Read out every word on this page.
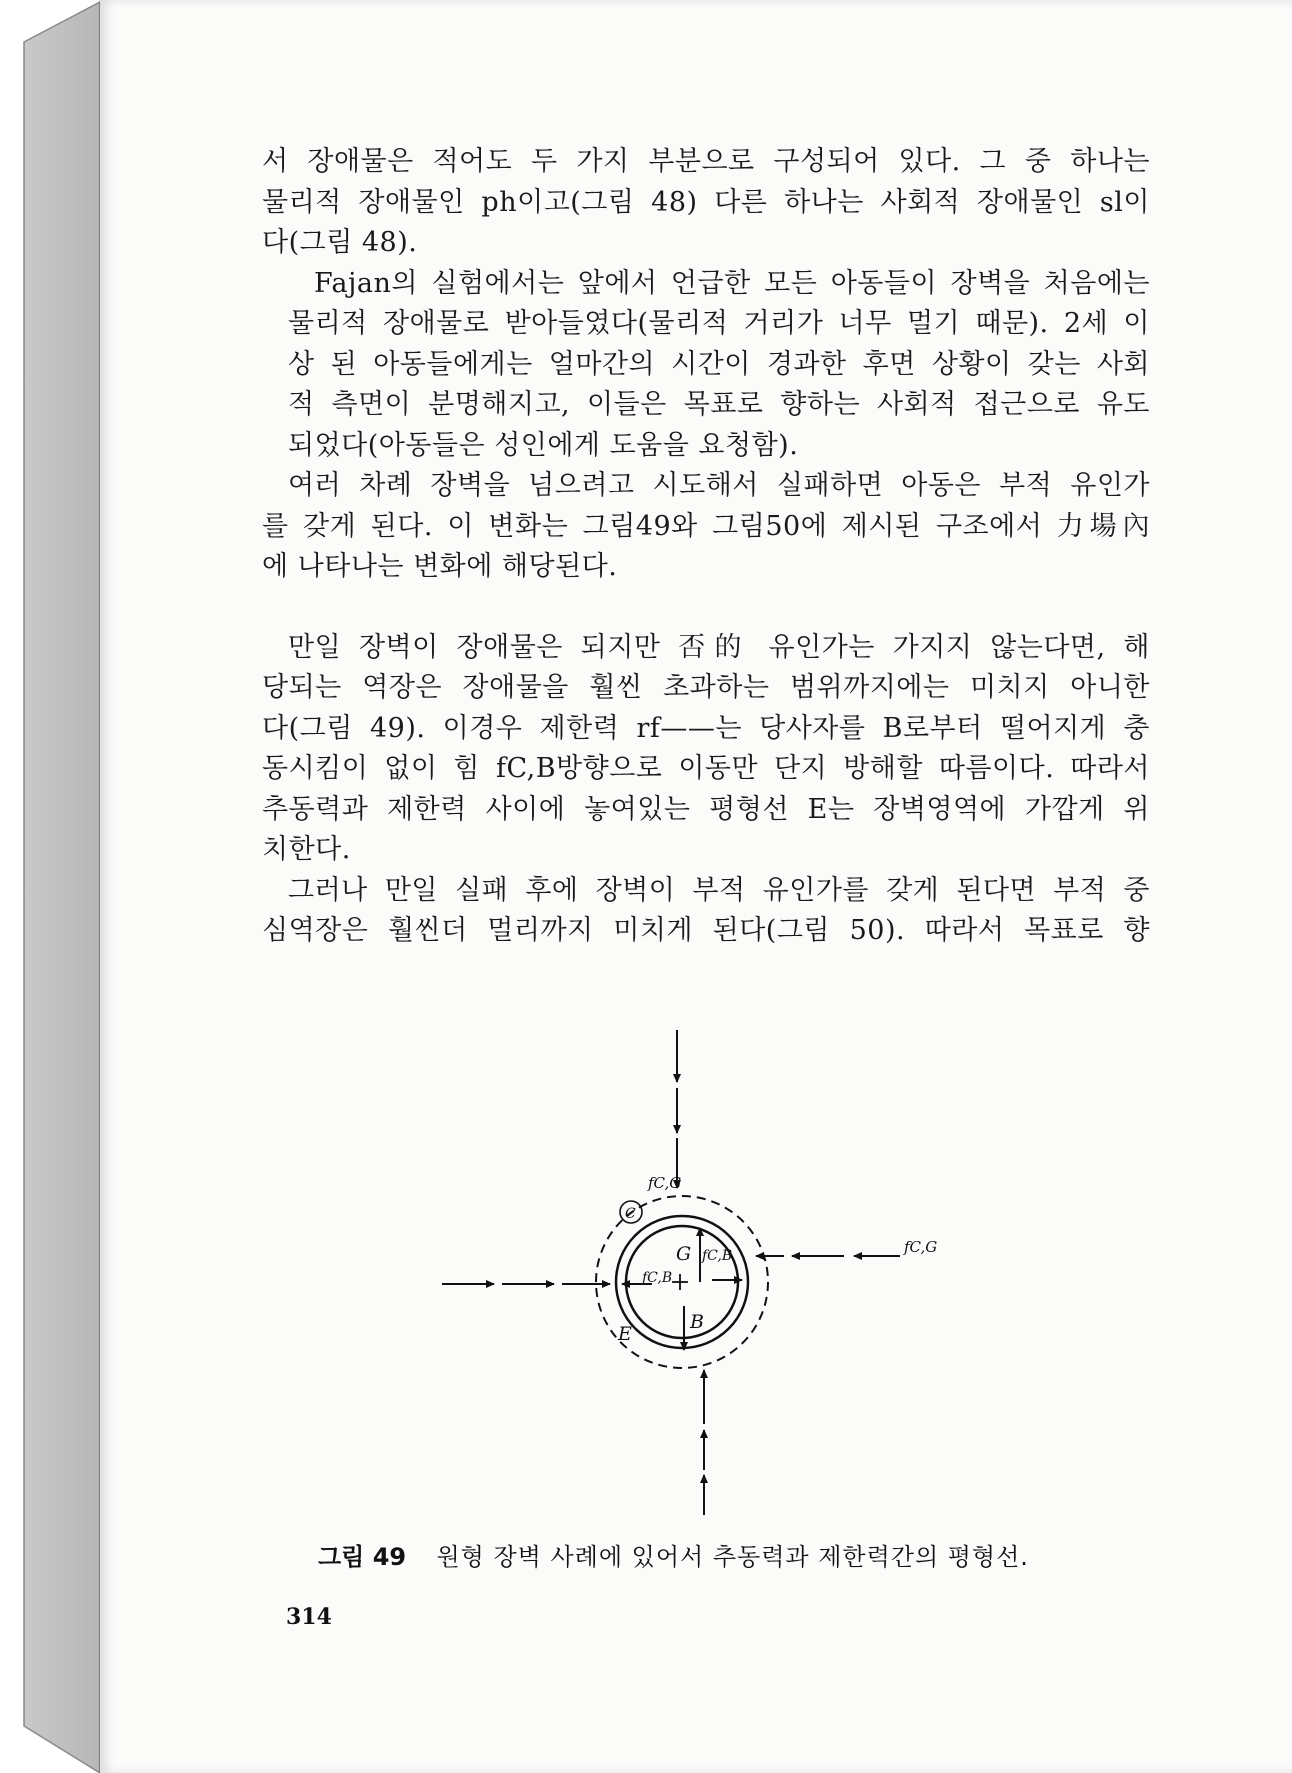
서 장애물은 적어도 두 가지 부분으로 구성되어 있다. 그 중 하나는
물리적 장애물인 ph이고(그림 48) 다른 하나는 사회적 장애물인 sl이
다(그림 48).

Fajan의 실험에서는 앞에서 언급한 모든 아동들이 장벽을 처음에는
물리적 장애물로 받아들였다(물리적 거리가 너무 멀기 때문). 2세 이
상 된 아동들에게는 얼마간의 시간이 경과한 후면 상황이 갖는 사회
적 측면이 분명해지고, 이들은 목표로 향하는 사회적 접근으로 유도
되었다(아동들은 성인에게 도움을 요청함).

여러 차례 장벽을 넘으려고 시도해서 실패하면 아동은 부적 유인가
를 갖게 된다. 이 변화는 그림49와 그림50에 제시된 구조에서 力場內
에 나타나는 변화에 해당된다.

만일 장벽이 장애물은 되지만 否的 유인가는 가지지 않는다면, 해
당되는 역장은 장애물을 훨씬 초과하는 범위까지에는 미치지 아니한
다(그림 49). 이경우 제한력 rf——는 당사자를 B로부터 떨어지게 충
동시킴이 없이 힘 fC,B방향으로 이동만 단지 방해할 따름이다. 따라서
추동력과 제한력 사이에 놓여있는 평형선 E는 장벽영역에 가깝게 위
치한다.

그러나 만일 실패 후에 장벽이 부적 유인가를 갖게 된다면 부적 중
심역장은 훨씬더 멀리까지 미치게 된다(그림 50). 따라서 목표로 향

C
fC,G
fC,G
G fC,B
fC,B
B
E
그림 49 원형 장벽 사례에 있어서 추동력과 제한력간의 평형선.
314
